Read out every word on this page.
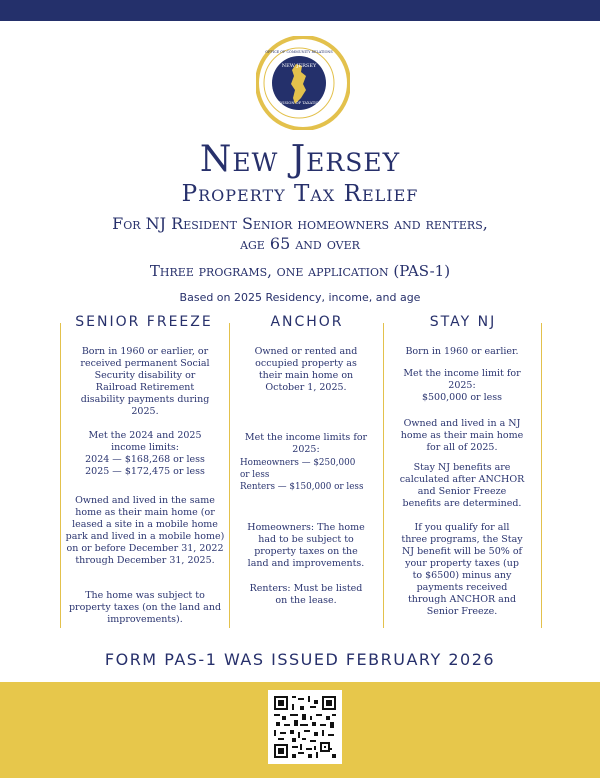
NEW JERSEY
DIVISION OF TAXATION
OFFICE OF COMMUNITY RELATIONS
New Jersey
Property Tax Relief
For NJ Resident Senior homeowners and renters,
age 65 and over
Three programs, one application (PAS-1)
Based on 2025 Residency, income, and age
SENIOR FREEZE	ANCHOR	STAY NJ
Born in 1960 or earlier, or
received permanent Social
Security disability or
Railroad Retirement
disability payments during
2025.
Met the 2024 and 2025
income limits:
2024 — $168,268 or less
2025 — $172,475 or less
Owned and lived in the same
home as their main home (or
leased a site in a mobile home
park and lived in a mobile home)
on or before December 31, 2022
through December 31, 2025.
The home was subject to
property taxes (on the land and
improvements).
Owned or rented and
occupied property as
their main home on
October 1, 2025.
Met the income limits for
2025:
Homeowners — $250,000
or less
Renters — $150,000 or less
Homeowners: The home
had to be subject to
property taxes on the
land and improvements.
Renters: Must be listed
on the lease.
Born in 1960 or earlier.
Met the income limit for
2025:
$500,000 or less
Owned and lived in a NJ
home as their main home
for all of 2025.
Stay NJ benefits are
calculated after ANCHOR
and Senior Freeze
benefits are determined.
If you qualify for all
three programs, the Stay
NJ benefit will be 50% of
your property taxes (up
to $6500) minus any
payments received
through ANCHOR and
Senior Freeze.
FORM PAS-1 WAS ISSUED FEBRUARY 2026
